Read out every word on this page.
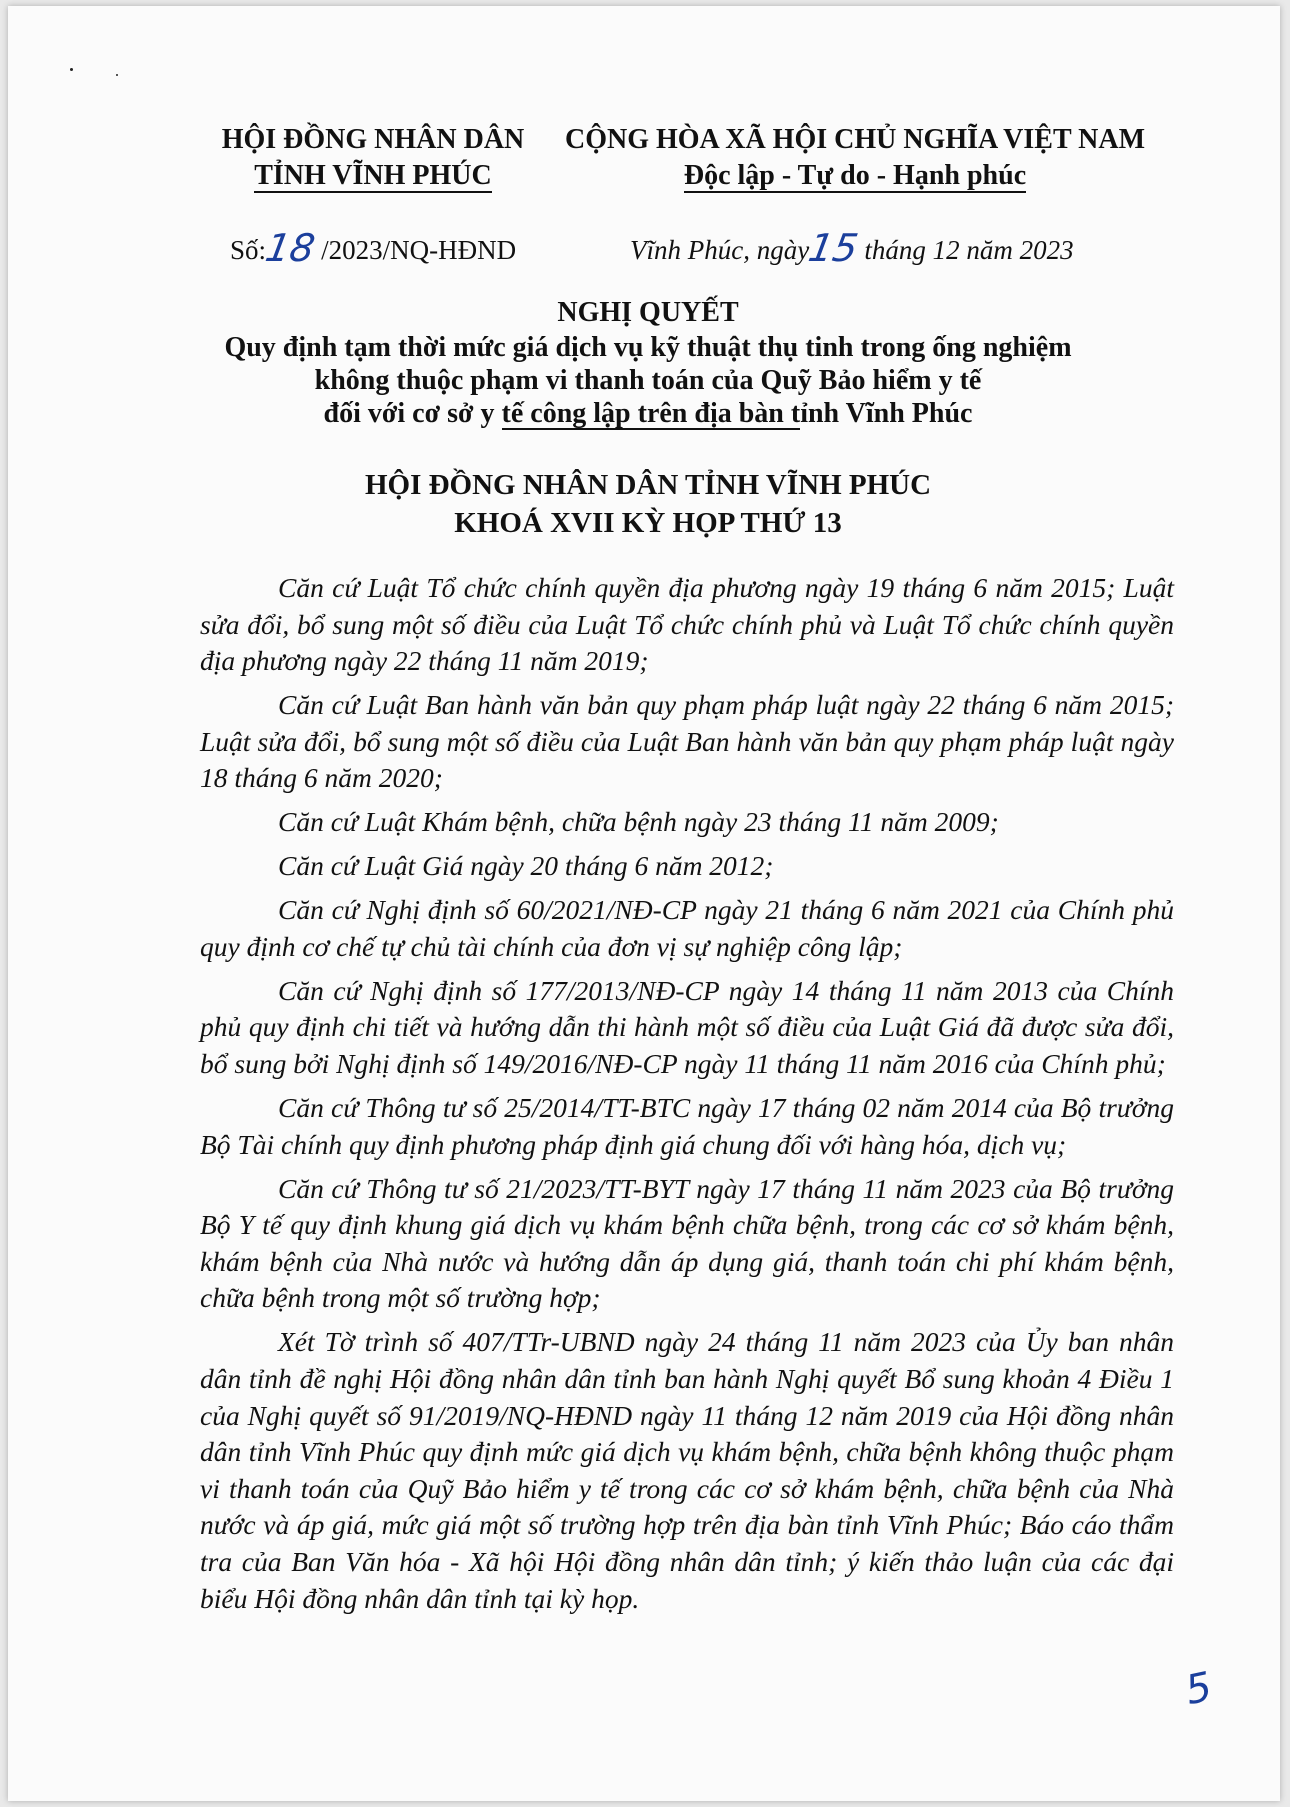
HỘI ĐỒNG NHÂN DÂN
TỈNH VĨNH PHÚC
CỘNG HÒA XÃ HỘI CHỦ NGHĨA VIỆT NAM
Độc lập - Tự do - Hạnh phúc
Số:18 /2023/NQ-HĐND	Vĩnh Phúc, ngày15 tháng 12 năm 2023
NGHỊ QUYẾT
Quy định tạm thời mức giá dịch vụ kỹ thuật thụ tinh trong ống nghiệm
không thuộc phạm vi thanh toán của Quỹ Bảo hiểm y tế
đối với cơ sở y tế công lập trên địa bàn tỉnh Vĩnh Phúc
HỘI ĐỒNG NHÂN DÂN TỈNH VĨNH PHÚC
KHOÁ XVII KỲ HỌP THỨ 13

Căn cứ Luật Tổ chức chính quyền địa phương ngày 19 tháng 6 năm 2015; Luật sửa đổi, bổ sung một số điều của Luật Tổ chức chính phủ và Luật Tổ chức chính quyền địa phương ngày 22 tháng 11 năm 2019;

Căn cứ Luật Ban hành văn bản quy phạm pháp luật ngày 22 tháng 6 năm 2015; Luật sửa đổi, bổ sung một số điều của Luật Ban hành văn bản quy phạm pháp luật ngày 18 tháng 6 năm 2020;

Căn cứ Luật Khám bệnh, chữa bệnh ngày 23 tháng 11 năm 2009;

Căn cứ Luật Giá ngày 20 tháng 6 năm 2012;

Căn cứ Nghị định số 60/2021/NĐ-CP ngày 21 tháng 6 năm 2021 của Chính phủ quy định cơ chế tự chủ tài chính của đơn vị sự nghiệp công lập;

Căn cứ Nghị định số 177/2013/NĐ-CP ngày 14 tháng 11 năm 2013 của Chính phủ quy định chi tiết và hướng dẫn thi hành một số điều của Luật Giá đã được sửa đổi, bổ sung bởi Nghị định số 149/2016/NĐ-CP ngày 11 tháng 11 năm 2016 của Chính phủ;

Căn cứ Thông tư số 25/2014/TT-BTC ngày 17 tháng 02 năm 2014 của Bộ trưởng Bộ Tài chính quy định phương pháp định giá chung đối với hàng hóa, dịch vụ;

Căn cứ Thông tư số 21/2023/TT-BYT ngày 17 tháng 11 năm 2023 của Bộ trưởng Bộ Y tế quy định khung giá dịch vụ khám bệnh chữa bệnh, trong các cơ sở khám bệnh, khám bệnh của Nhà nước và hướng dẫn áp dụng giá, thanh toán chi phí khám bệnh, chữa bệnh trong một số trường hợp;

Xét Tờ trình số 407/TTr-UBND ngày 24 tháng 11 năm 2023 của Ủy ban nhân dân tỉnh đề nghị Hội đồng nhân dân tỉnh ban hành Nghị quyết Bổ sung khoản 4 Điều 1 của Nghị quyết số 91/2019/NQ-HĐND ngày 11 tháng 12 năm 2019 của Hội đồng nhân dân tỉnh Vĩnh Phúc quy định mức giá dịch vụ khám bệnh, chữa bệnh không thuộc phạm vi thanh toán của Quỹ Bảo hiểm y tế trong các cơ sở khám bệnh, chữa bệnh của Nhà nước và áp giá, mức giá một số trường hợp trên địa bàn tỉnh Vĩnh Phúc; Báo cáo thẩm tra của Ban Văn hóa - Xã hội Hội đồng nhân dân tỉnh; ý kiến thảo luận của các đại biểu Hội đồng nhân dân tỉnh tại kỳ họp.

5
